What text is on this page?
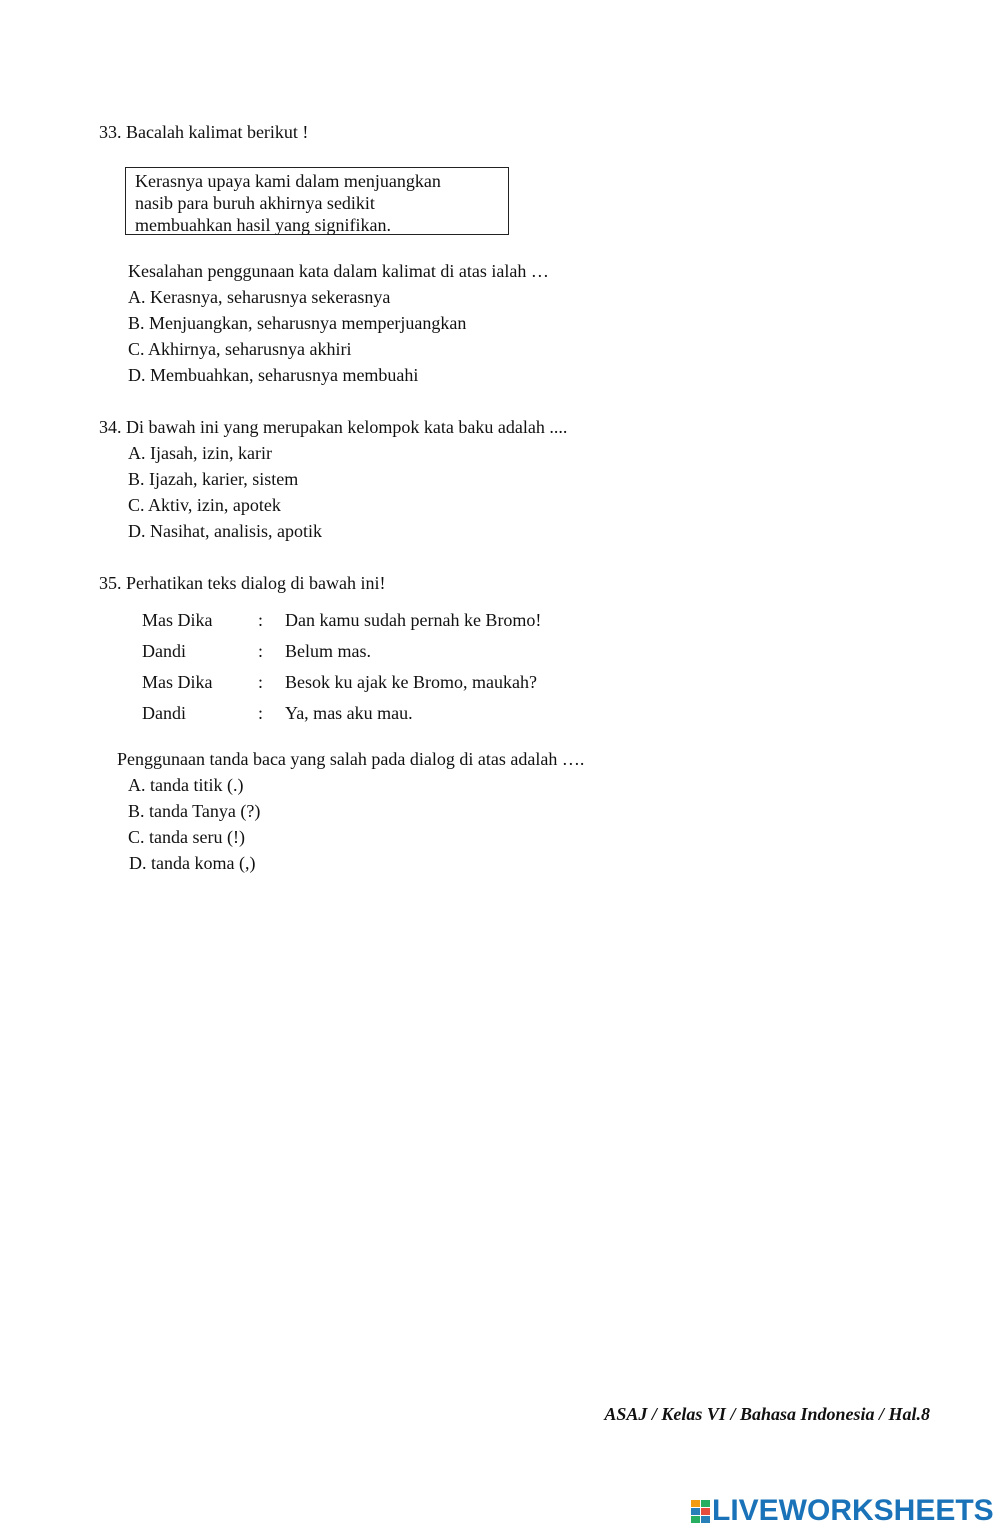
33. Bacalah kalimat berikut !
Kerasnya upaya kami dalam menjuangkan
nasib para buruh akhirnya sedikit
membuahkan hasil yang signifikan.
Kesalahan penggunaan kata dalam kalimat di atas ialah …
A. Kerasnya, seharusnya sekerasnya
B. Menjuangkan, seharusnya memperjuangkan
C. Akhirnya, seharusnya akhiri
D. Membuahkan, seharusnya membuahi
34. Di bawah ini yang merupakan kelompok kata baku adalah ....
A. Ijasah, izin, karir
B. Ijazah, karier, sistem
C. Aktiv, izin, apotek
D. Nasihat, analisis, apotik
35. Perhatikan teks dialog di bawah ini!
Mas Dika	: Dan kamu sudah pernah ke Bromo!
Dandi	: Belum mas.
Mas Dika	: Besok ku ajak ke Bromo, maukah?
Dandi	: Ya, mas aku mau.
Penggunaan tanda baca yang salah pada dialog di atas adalah ….
A. tanda titik (.)
B. tanda Tanya (?)
C. tanda seru (!)
D. tanda koma (,)
ASAJ / Kelas VI / Bahasa Indonesia / Hal.8
LIVEWORKSHEETS
